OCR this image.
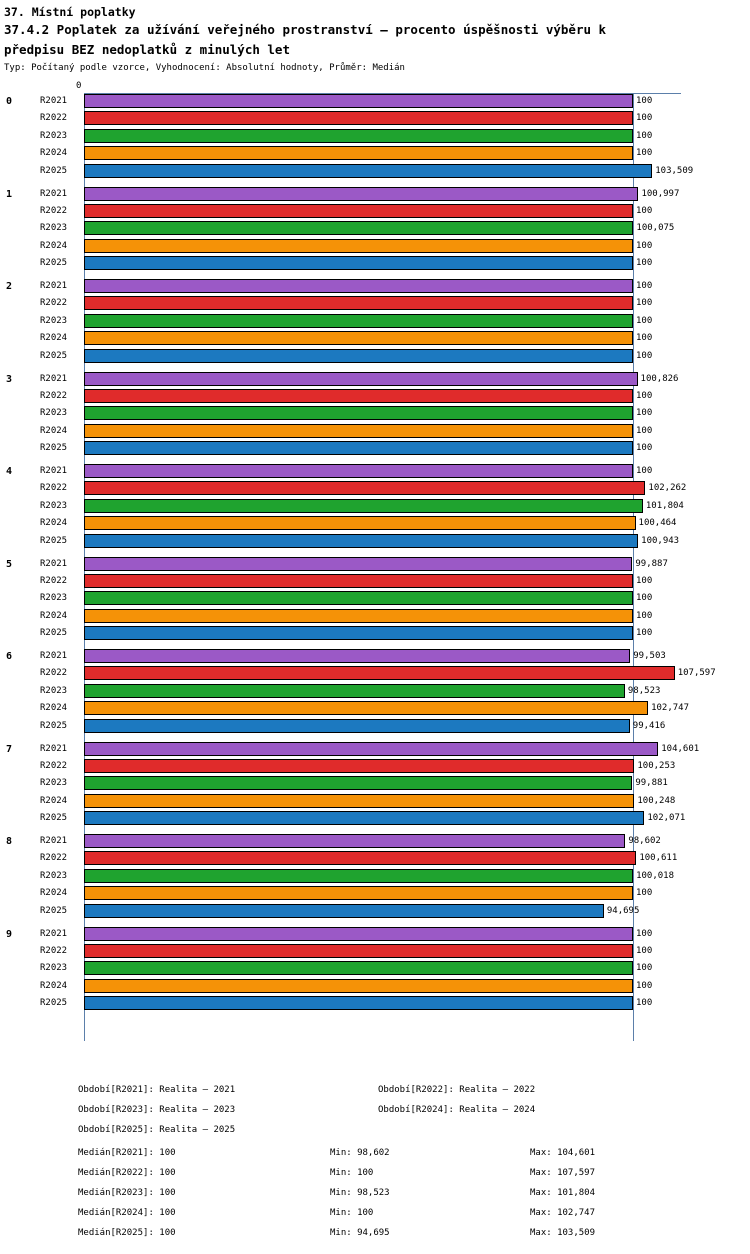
37. Místní poplatky
37.4.2 Poplatek za užívání veřejného prostranství – procento úspěšnosti výběru k
předpisu BEZ nedoplatků z minulých let
Typ: Počítaný podle vzorce, Vyhodnocení: Absolutní hodnoty, Průměr: Medián
0
0	R2021	100
R2022	100
R2023	100
R2024	100
R2025	103,509
1	R2021	100,997
R2022	100
R2023	100,075
R2024	100
R2025	100
2	R2021	100
R2022	100
R2023	100
R2024	100
R2025	100
3	R2021	100,826
R2022	100
R2023	100
R2024	100
R2025	100
4	R2021	100
R2022	102,262
R2023	101,804
R2024	100,464
R2025	100,943
5	R2021	99,887
R2022	100
R2023	100
R2024	100
R2025	100
6	R2021	99,503
R2022	107,597
R2023	98,523
R2024	102,747
R2025	99,416
7	R2021	104,601
R2022	100,253
R2023	99,881
R2024	100,248
R2025	102,071
8	R2021	98,602
R2022	100,611
R2023	100,018
R2024	100
R2025	94,695
9	R2021	100
R2022	100
R2023	100
R2024	100
R2025	100
Období[R2021]: Realita – 2021	Období[R2022]: Realita – 2022
Období[R2023]: Realita – 2023	Období[R2024]: Realita – 2024
Období[R2025]: Realita – 2025
Medián[R2021]: 100	Min: 98,602	Max: 104,601
Medián[R2022]: 100	Min: 100	Max: 107,597
Medián[R2023]: 100	Min: 98,523	Max: 101,804
Medián[R2024]: 100	Min: 100	Max: 102,747
Medián[R2025]: 100	Min: 94,695	Max: 103,509
